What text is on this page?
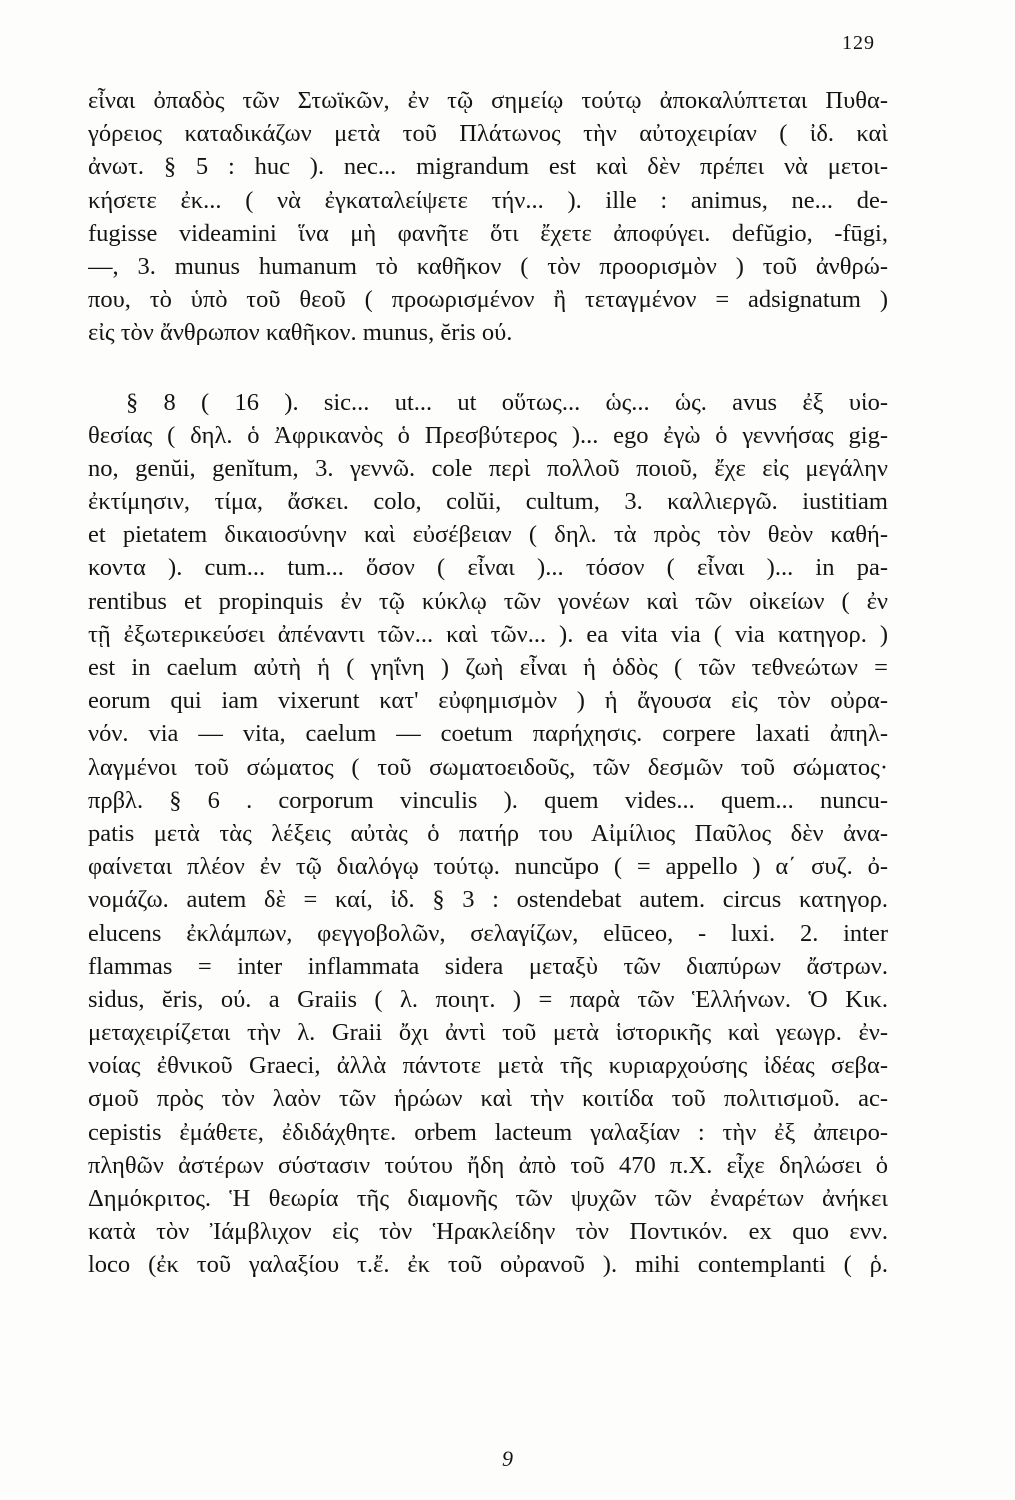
129
εἶναι ὀπαδὸς τῶν Στωϊκῶν, ἐν τῷ σημείῳ τούτῳ ἀποκαλύπτεται Πυθα-
γόρειος καταδικάζων μετὰ τοῦ Πλάτωνος τὴν αὐτοχειρίαν ( ἰδ. καὶ
ἀνωτ. § 5 : huc ). nec... migrandum est καὶ δὲν πρέπει νὰ μετοι-
κήσετε ἐκ... ( νὰ ἐγκαταλείψετε τήν... ). ille : animus, ne... de-
fugisse videamini ἵνα μὴ φανῆτε ὅτι ἔχετε ἀποφύγει. defŭgio, -fūgi,
—, 3. munus humanum τὸ καθῆκον ( τὸν προορισμὸν ) τοῦ ἀνθρώ-
που, τὸ ὑπὸ τοῦ θεοῦ ( προωρισμένον ἢ τεταγμένον = adsignatum )
εἰς τὸν ἄνθρωπον καθῆκον. munus, ĕris ού.
§ 8 ( 16 ). sic... ut... ut οὕτως... ὡς... ὡς. avus ἐξ υἱο-
θεσίας ( δηλ. ὁ Ἀφρικανὸς ὁ Πρεσβύτερος )... ego ἐγὼ ὁ γεννήσας gig-
no, genŭi, genĭtum, 3. γεννῶ. cole περὶ πολλοῦ ποιοῦ, ἔχε εἰς μεγάλην
ἐκτίμησιν, τίμα, ἄσκει. colo, colŭi, cultum, 3. καλλιεργῶ. iustitiam
et pietatem δικαιοσύνην καὶ εὐσέβειαν ( δηλ. τὰ πρὸς τὸν θεὸν καθή-
κοντα ). cum... tum... ὅσον ( εἶναι )... τόσον ( εἶναι )... in pa-
rentibus et propinquis ἐν τῷ κύκλῳ τῶν γονέων καὶ τῶν οἰκείων ( ἐν
τῇ ἐξωτερικεύσει ἀπέναντι τῶν... καὶ τῶν... ). ea vita via ( via κατηγορ. )
est in caelum αὐτὴ ἡ ( γηΐνη ) ζωὴ εἶναι ἡ ὁδὸς ( τῶν τεθνεώτων =
eorum qui iam vixerunt κατ' εὐφημισμὸν ) ἡ ἄγουσα εἰς τὸν οὐρα-
νόν. via — vita, caelum — coetum παρήχησις. corpere laxati ἀπηλ-
λαγμένοι τοῦ σώματος ( τοῦ σωματοειδοῦς, τῶν δεσμῶν τοῦ σώματος·
πρβλ. § 6 . corporum vinculis ). quem vides... quem... nuncu-
patis μετὰ τὰς λέξεις αὐτὰς ὁ πατήρ του Αἰμίλιος Παῦλος δὲν ἀνα-
φαίνεται πλέον ἐν τῷ διαλόγῳ τούτῳ. nuncŭpo ( = appello ) α΄ συζ. ὀ-
νομάζω. autem δὲ = καί, ἰδ. § 3 : ostendebat autem. circus κατηγορ.
elucens ἐκλάμπων, φεγγοβολῶν, σελαγίζων, elūceo, - luxi. 2. inter
flammas = inter inflammata sidera μεταξὺ τῶν διαπύρων ἄστρων.
sidus, ĕris, ού. a Graiis ( λ. ποιητ. ) = παρὰ τῶν Ἑλλήνων. Ὁ Κικ.
μεταχειρίζεται τὴν λ. Graii ὄχι ἀντὶ τοῦ μετὰ ἱστορικῆς καὶ γεωγρ. ἐν-
νοίας ἐθνικοῦ Graeci, ἀλλὰ πάντοτε μετὰ τῆς κυριαρχούσης ἰδέας σεβα-
σμοῦ πρὸς τὸν λαὸν τῶν ἡρώων καὶ τὴν κοιτίδα τοῦ πολιτισμοῦ. ac-
cepistis ἐμάθετε, ἐδιδάχθητε. orbem lacteum γαλαξίαν : τὴν ἐξ ἀπειρο-
πληθῶν ἀστέρων σύστασιν τούτου ἤδη ἀπὸ τοῦ 470 π.Χ. εἶχε δηλώσει ὁ
Δημόκριτος. Ἡ θεωρία τῆς διαμονῆς τῶν ψυχῶν τῶν ἐναρέτων ἀνήκει
κατὰ τὸν Ἰάμβλιχον εἰς τὸν Ἡρακλείδην τὸν Ποντικόν. ex quo ενν.
loco (ἐκ τοῦ γαλαξίου τ.ἔ. ἐκ τοῦ οὐρανοῦ ). mihi contemplanti ( ῥ.
9
